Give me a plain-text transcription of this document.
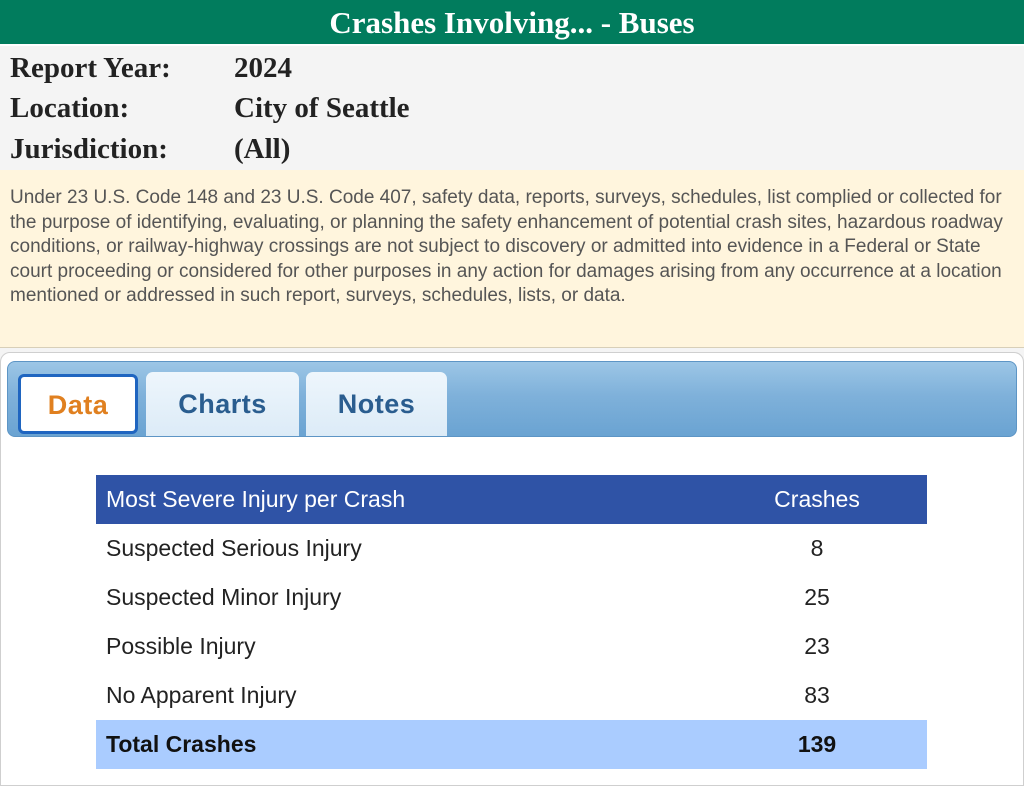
Crashes Involving... - Buses
Report Year: 2024
Location:	City of Seattle
Jurisdiction: (All)
Under 23 U.S. Code 148 and 23 U.S. Code 407, safety data, reports, surveys, schedules, list complied or collected for the purpose of identifying, evaluating, or planning the safety enhancement of potential crash sites, hazardous roadway conditions, or railway-highway crossings are not subject to discovery or admitted into evidence in a Federal or State court proceeding or considered for other purposes in any action for damages arising from any occurrence at a location mentioned or addressed in such report, surveys, schedules, lists, or data.
Data	Charts	Notes
Most Severe Injury per Crash	Crashes
Suspected Serious Injury	8
Suspected Minor Injury	25
Possible Injury	23
No Apparent Injury	83
Total Crashes	139
